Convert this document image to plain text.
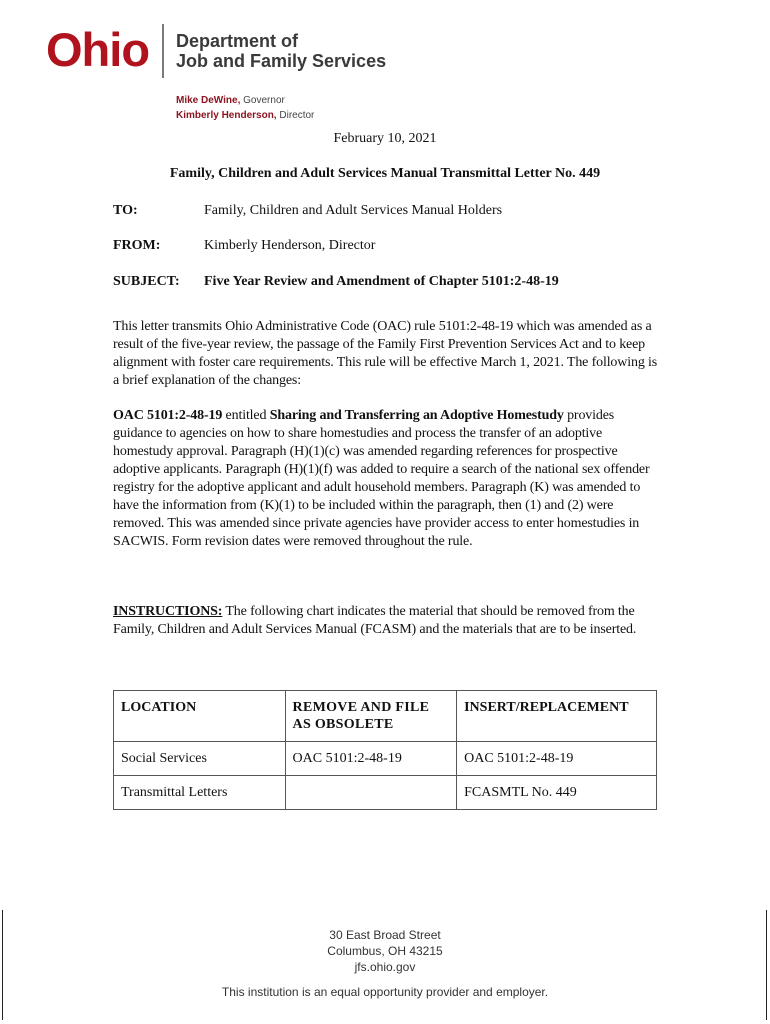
Ohio Department of
Job and Family Services
Mike DeWine, Governor
Kimberly Henderson, Director
February 10, 2021
Family, Children and Adult Services Manual Transmittal Letter No. 449
TO:	Family, Children and Adult Services Manual Holders
FROM:	Kimberly Henderson, Director
SUBJECT: Five Year Review and Amendment of Chapter 5101:2-48-19

This letter transmits Ohio Administrative Code (OAC) rule 5101:2-48-19 which was amended as a result of the five-year review, the passage of the Family First Prevention Services Act and to keep alignment with foster care requirements. This rule will be effective March 1, 2021. The following is a brief explanation of the changes:

OAC 5101:2-48-19 entitled Sharing and Transferring an Adoptive Homestudy provides guidance to agencies on how to share homestudies and process the transfer of an adoptive homestudy approval. Paragraph (H)(1)(c) was amended regarding references for prospective adoptive applicants. Paragraph (H)(1)(f) was added to require a search of the national sex offender registry for the adoptive applicant and adult household members. Paragraph (K) was amended to have the information from (K)(1) to be included within the paragraph, then (1) and (2) were removed. This was amended since private agencies have provider access to enter homestudies in SACWIS. Form revision dates were removed throughout the rule.

INSTRUCTIONS: The following chart indicates the material that should be removed from the Family, Children and Adult Services Manual (FCASM) and the materials that are to be inserted.

LOCATION	REMOVE AND FILE AS OBSOLETE	INSERT/REPLACEMENT
Social Services	OAC 5101:2-48-19	OAC 5101:2-48-19
Transmittal Letters		FCASMTL No. 449
30 East Broad Street
Columbus, OH 43215
jfs.ohio.gov
This institution is an equal opportunity provider and employer.
